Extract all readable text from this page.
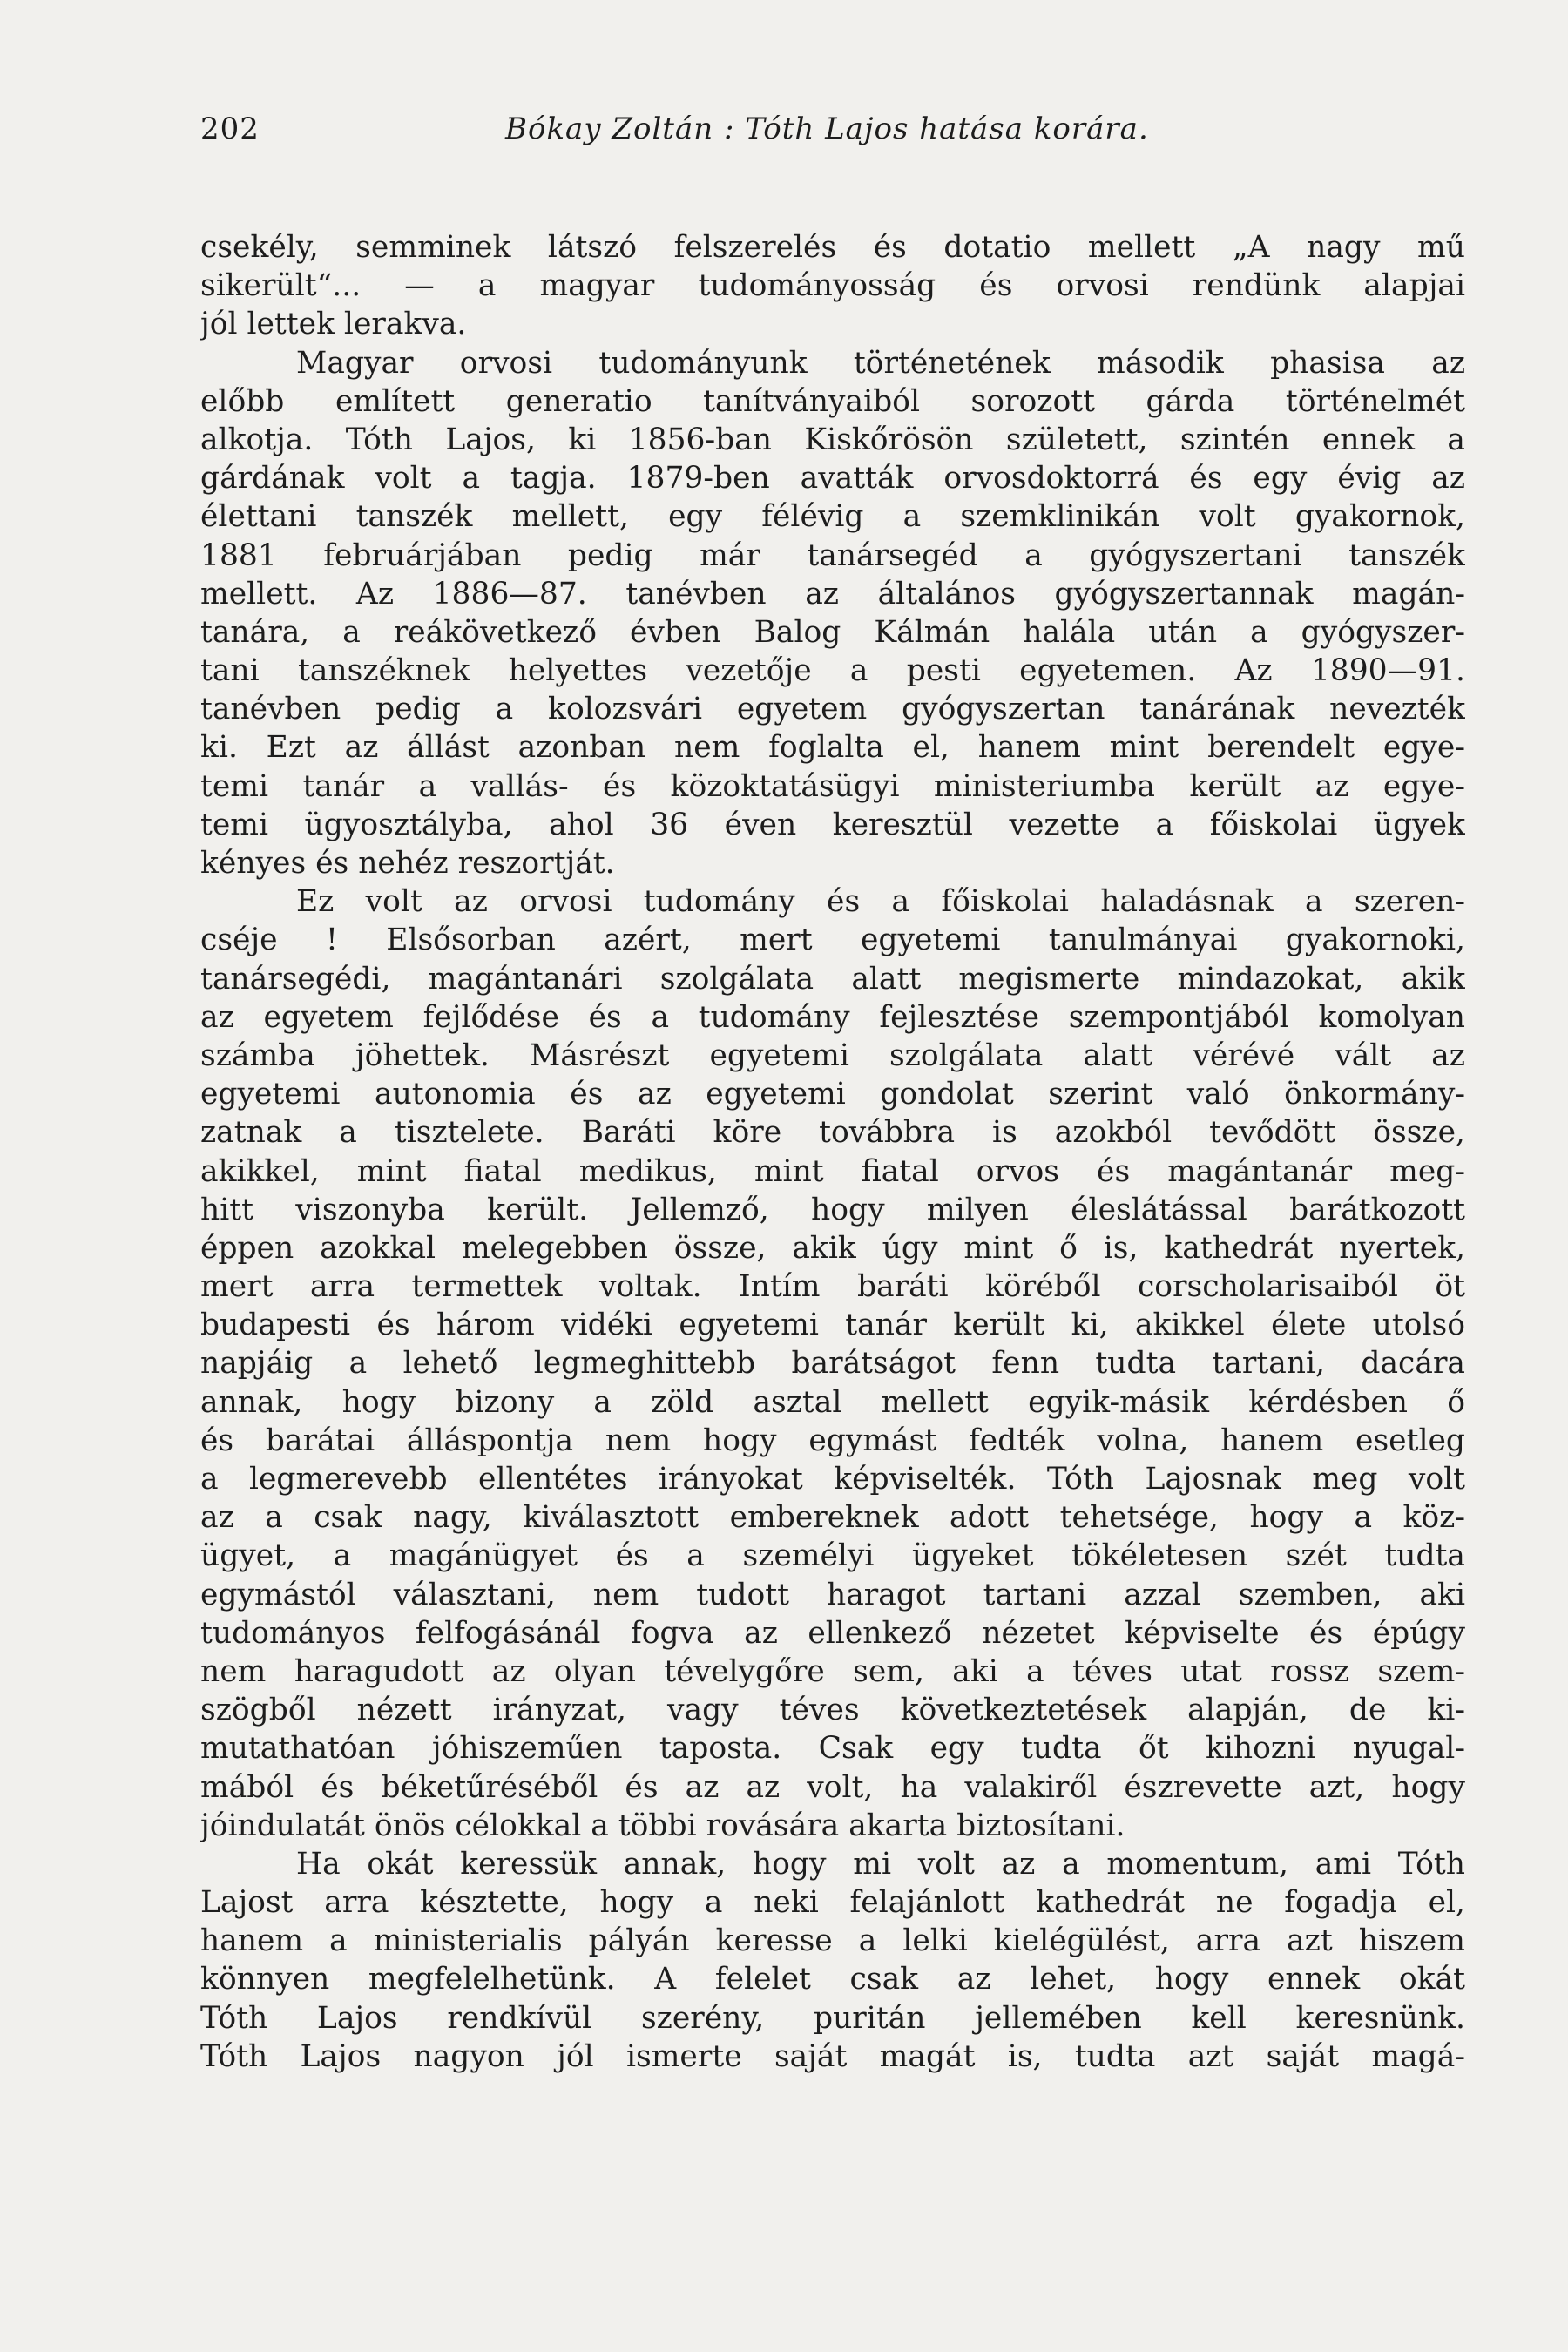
202	Bókay Zoltán : Tóth Lajos hatása korára.
csekély, semminek látszó felszerelés és dotatio mellett „A nagy mű
sikerült“... — a magyar tudományosság és orvosi rendünk alapjai
jól lettek lerakva.
Magyar orvosi tudományunk történetének második phasisa az
előbb említett generatio tanítványaiból sorozott gárda történelmét
alkotja. Tóth Lajos, ki 1856-ban Kiskőrösön született, szintén ennek a
gárdának volt a tagja. 1879-ben avatták orvosdoktorrá és egy évig az
élettani tanszék mellett, egy félévig a szemklinikán volt gyakornok,
1881 februárjában pedig már tanársegéd a gyógyszertani tanszék
mellett. Az 1886—87. tanévben az általános gyógyszertannak magán-
tanára, a reákövetkező évben Balog Kálmán halála után a gyógyszer-
tani tanszéknek helyettes vezetője a pesti egyetemen. Az 1890—91.
tanévben pedig a kolozsvári egyetem gyógyszertan tanárának nevezték
ki. Ezt az állást azonban nem foglalta el, hanem mint berendelt egye-
temi tanár a vallás- és közoktatásügyi ministeriumba került az egye-
temi ügyosztályba, ahol 36 éven keresztül vezette a főiskolai ügyek
kényes és nehéz reszortját.
Ez volt az orvosi tudomány és a főiskolai haladásnak a szeren-
cséje ! Elsősorban azért, mert egyetemi tanulmányai gyakornoki,
tanársegédi, magántanári szolgálata alatt megismerte mindazokat, akik
az egyetem fejlődése és a tudomány fejlesztése szempontjából komolyan
számba jöhettek. Másrészt egyetemi szolgálata alatt vérévé vált az
egyetemi autonomia és az egyetemi gondolat szerint való önkormány-
zatnak a tisztelete. Baráti köre továbbra is azokból tevődött össze,
akikkel, mint fiatal medikus, mint fiatal orvos és magántanár meg-
hitt viszonyba került. Jellemző, hogy milyen éleslátással barátkozott
éppen azokkal melegebben össze, akik úgy mint ő is, kathedrát nyertek,
mert arra termettek voltak. Intím baráti köréből corscholarisaiból öt
budapesti és három vidéki egyetemi tanár került ki, akikkel élete utolsó
napjáig a lehető legmeghittebb barátságot fenn tudta tartani, dacára
annak, hogy bizony a zöld asztal mellett egyik-másik kérdésben ő
és barátai álláspontja nem hogy egymást fedték volna, hanem esetleg
a legmerevebb ellentétes irányokat képviselték. Tóth Lajosnak meg volt
az a csak nagy, kiválasztott embereknek adott tehetsége, hogy a köz-
ügyet, a magánügyet és a személyi ügyeket tökéletesen szét tudta
egymástól választani, nem tudott haragot tartani azzal szemben, aki
tudományos felfogásánál fogva az ellenkező nézetet képviselte és épúgy
nem haragudott az olyan tévelygőre sem, aki a téves utat rossz szem-
szögből nézett irányzat, vagy téves következtetések alapján, de ki-
mutathatóan jóhiszeműen taposta. Csak egy tudta őt kihozni nyugal-
mából és béketűréséből és az az volt, ha valakiről észrevette azt, hogy
jóindulatát önös célokkal a többi rovására akarta biztosítani.
Ha okát keressük annak, hogy mi volt az a momentum, ami Tóth
Lajost arra késztette, hogy a neki felajánlott kathedrát ne fogadja el,
hanem a ministerialis pályán keresse a lelki kielégülést, arra azt hiszem
könnyen megfelelhetünk. A felelet csak az lehet, hogy ennek okát
Tóth Lajos rendkívül szerény, puritán jellemében kell keresnünk.
Tóth Lajos nagyon jól ismerte saját magát is, tudta azt saját magá-
